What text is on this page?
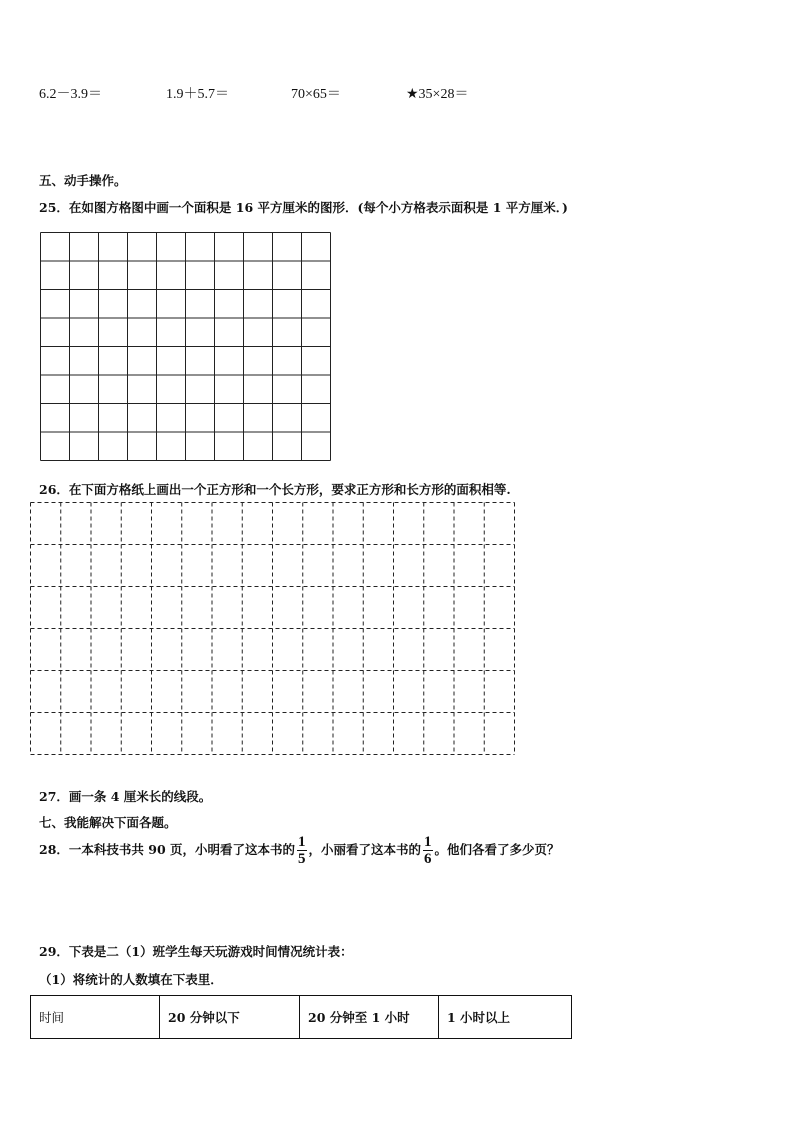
6.2－3.9＝	1.9＋5.7＝	70×65＝	★35×28＝
五、动手操作。
25．在如图方格图中画一个面积是 16 平方厘米的图形．(每个小方格表示面积是 1 平方厘米．)
26．在下面方格纸上画出一个正方形和一个长方形，要求正方形和长方形的面积相等.
27．画一条 4 厘米长的线段。
七、我能解决下面各题。
28．一本科技书共 90 页，小明看了这本书的 $\frac{1}{5}$ ，小丽看了这本书的 $\frac{1}{6}$ 。他们各看了多少页？
29．下表是二（1）班学生每天玩游戏时间情况统计表：
（1）将统计的人数填在下表里．
时间	20 分钟以下	20 分钟至 1 小时	1 小时以上
